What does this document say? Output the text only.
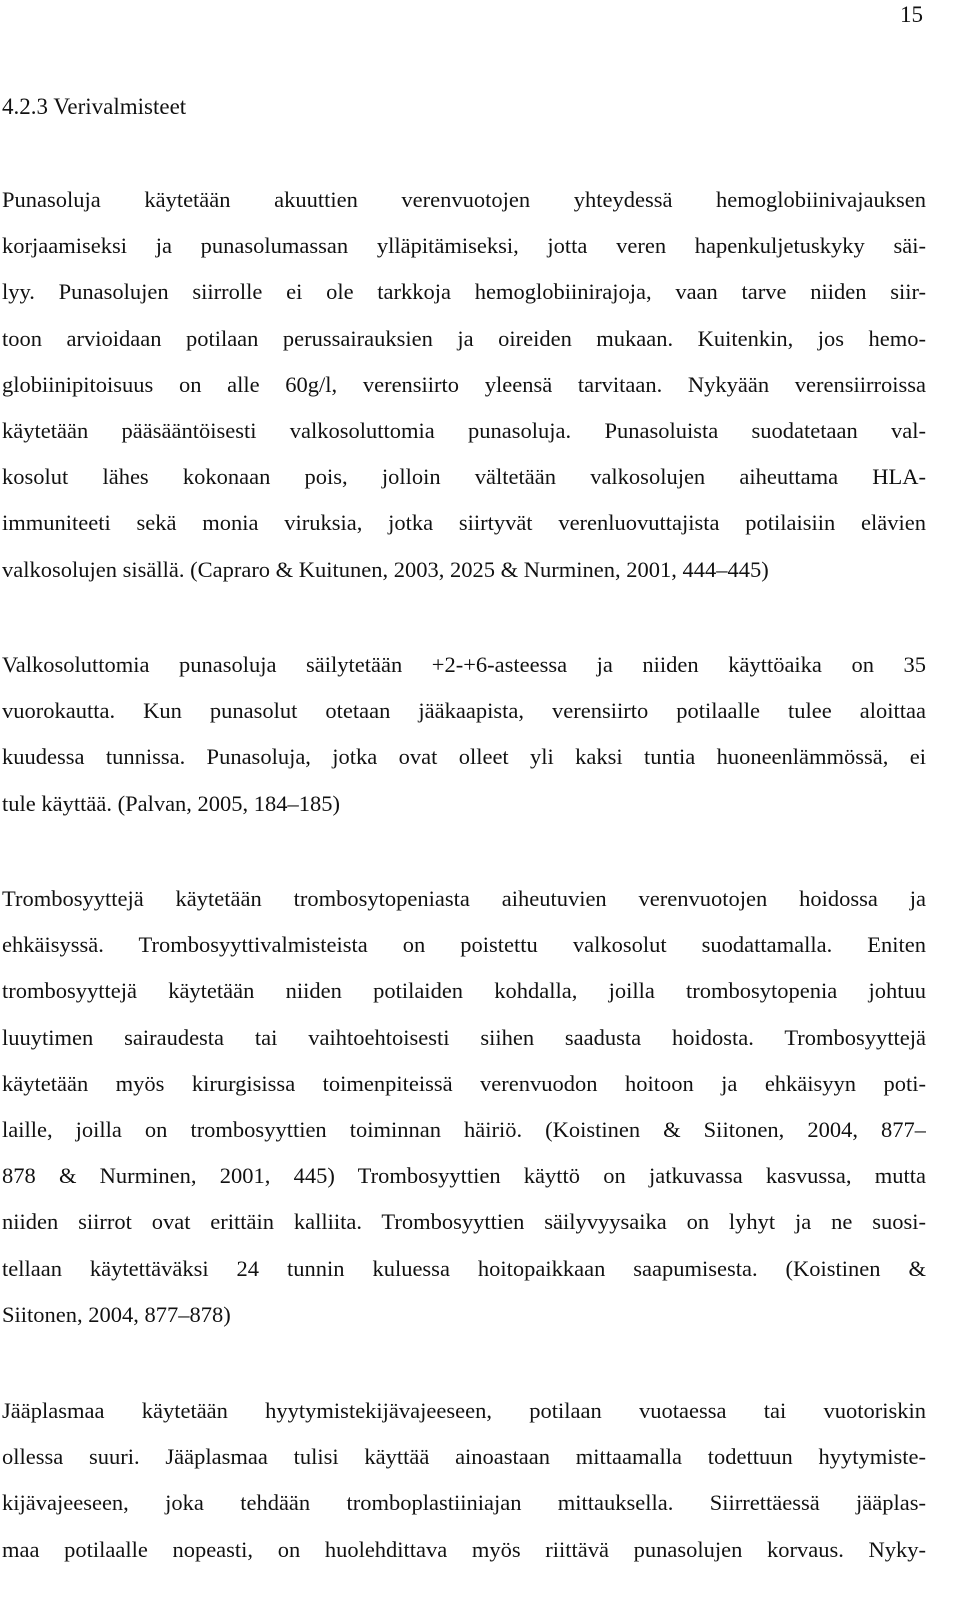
15
4.2.3 Verivalmisteet
Punasoluja käytetään akuuttien verenvuotojen yhteydessä hemoglobiinivajauksen
korjaamiseksi ja punasolumassan ylläpitämiseksi, jotta veren hapenkuljetuskyky säi-
lyy. Punasolujen siirrolle ei ole tarkkoja hemoglobiinirajoja, vaan tarve niiden siir-
toon arvioidaan potilaan perussairauksien ja oireiden mukaan. Kuitenkin, jos hemo-
globiinipitoisuus on alle 60g/l, verensiirto yleensä tarvitaan. Nykyään verensiirroissa
käytetään pääsääntöisesti valkosoluttomia punasoluja. Punasoluista suodatetaan val-
kosolut lähes kokonaan pois, jolloin vältetään valkosolujen aiheuttama HLA-
immuniteeti sekä monia viruksia, jotka siirtyvät verenluovuttajista potilaisiin elävien
valkosolujen sisällä. (Capraro & Kuitunen, 2003, 2025 & Nurminen, 2001, 444–445)
Valkosoluttomia punasoluja säilytetään +2-+6-asteessa ja niiden käyttöaika on 35
vuorokautta. Kun punasolut otetaan jääkaapista, verensiirto potilaalle tulee aloittaa
kuudessa tunnissa. Punasoluja, jotka ovat olleet yli kaksi tuntia huoneenlämmössä, ei
tule käyttää. (Palvan, 2005, 184–185)
Trombosyyttejä käytetään trombosytopeniasta aiheutuvien verenvuotojen hoidossa ja
ehkäisyssä. Trombosyyttivalmisteista on poistettu valkosolut suodattamalla. Eniten
trombosyyttejä käytetään niiden potilaiden kohdalla, joilla trombosytopenia johtuu
luuytimen sairaudesta tai vaihtoehtoisesti siihen saadusta hoidosta. Trombosyyttejä
käytetään myös kirurgisissa toimenpiteissä verenvuodon hoitoon ja ehkäisyyn poti-
laille, joilla on trombosyyttien toiminnan häiriö. (Koistinen & Siitonen, 2004, 877–
878 & Nurminen, 2001, 445) Trombosyyttien käyttö on jatkuvassa kasvussa, mutta
niiden siirrot ovat erittäin kalliita. Trombosyyttien säilyvyysaika on lyhyt ja ne suosi-
tellaan käytettäväksi 24 tunnin kuluessa hoitopaikkaan saapumisesta. (Koistinen &
Siitonen, 2004, 877–878)
Jääplasmaa käytetään hyytymistekijävajeeseen, potilaan vuotaessa tai vuotoriskin
ollessa suuri. Jääplasmaa tulisi käyttää ainoastaan mittaamalla todettuun hyytymiste-
kijävajeeseen, joka tehdään tromboplastiiniajan mittauksella. Siirrettäessä jääplas-
maa potilaalle nopeasti, on huolehdittava myös riittävä punasolujen korvaus. Nyky-
